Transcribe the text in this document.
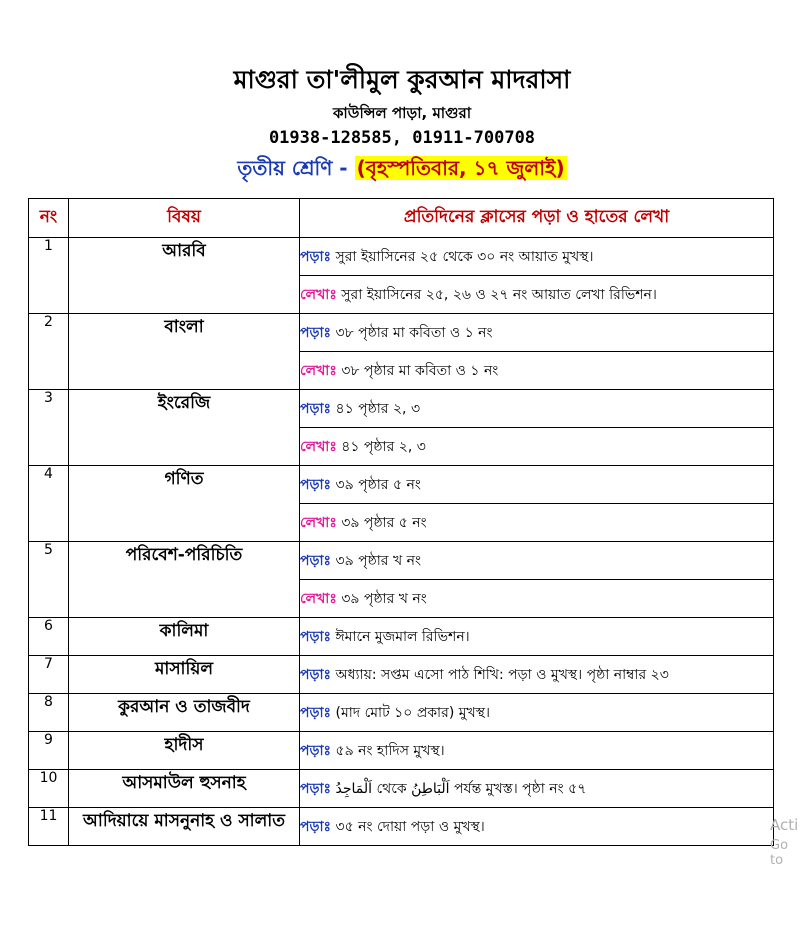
মাগুরা তা'লীমুল কুরআন মাদরাসা
কাউন্সিল পাড়া, মাগুরা
01938-128585, 01911-700708
তৃতীয় শ্রেণি - (বৃহস্পতিবার, ১৭ জুলাই)
নং	বিষয়	প্রতিদিনের ক্লাসের পড়া ও হাতের লেখা
1	আরবি	পড়াঃ সুরা ইয়াসিনের ২৫ থেকে ৩০ নং আয়াত মুখস্থ।
		লেখাঃ সুরা ইয়াসিনের ২৫, ২৬ ও ২৭ নং আয়াত লেখা রিভিশন।
2	বাংলা	পড়াঃ ৩৮ পৃষ্ঠার মা কবিতা ও ১ নং
		লেখাঃ ৩৮ পৃষ্ঠার মা কবিতা ও ১ নং
3	ইংরেজি	পড়াঃ ৪১ পৃষ্ঠার ২, ৩
		লেখাঃ ৪১ পৃষ্ঠার ২, ৩
4	গণিত	পড়াঃ ৩৯ পৃষ্ঠার ৫ নং
		লেখাঃ ৩৯ পৃষ্ঠার ৫ নং
5	পরিবেশ-পরিচিতি	পড়াঃ ৩৯ পৃষ্ঠার খ নং
		লেখাঃ ৩৯ পৃষ্ঠার খ নং
6	কালিমা	পড়াঃ ঈমানে মুজমাল রিভিশন।
7	মাসায়িল	পড়াঃ অধ্যায়: সপ্তম এসো পাঠ শিখি: পড়া ও মুখস্থ। পৃষ্ঠা নাম্বার ২৩
8	কুরআন ও তাজবীদ	পড়াঃ (মাদ মোট ১০ প্রকার) মুখস্থ।
9	হাদীস	পড়াঃ ৫৯ নং হাদিস মুখস্থ।
10	আসমাউল হুসনাহ	পড়াঃ اَلْمَاجِدُ থেকে اَلْبَاطِنُ পর্যন্ত মুখস্ত। পৃষ্ঠা নং ৫৭
11	আদিয়ায়ে মাসনুনাহ ও সালাত	পড়াঃ ৩৫ নং দোয়া পড়া ও মুখস্থ।	Acti
Go to
